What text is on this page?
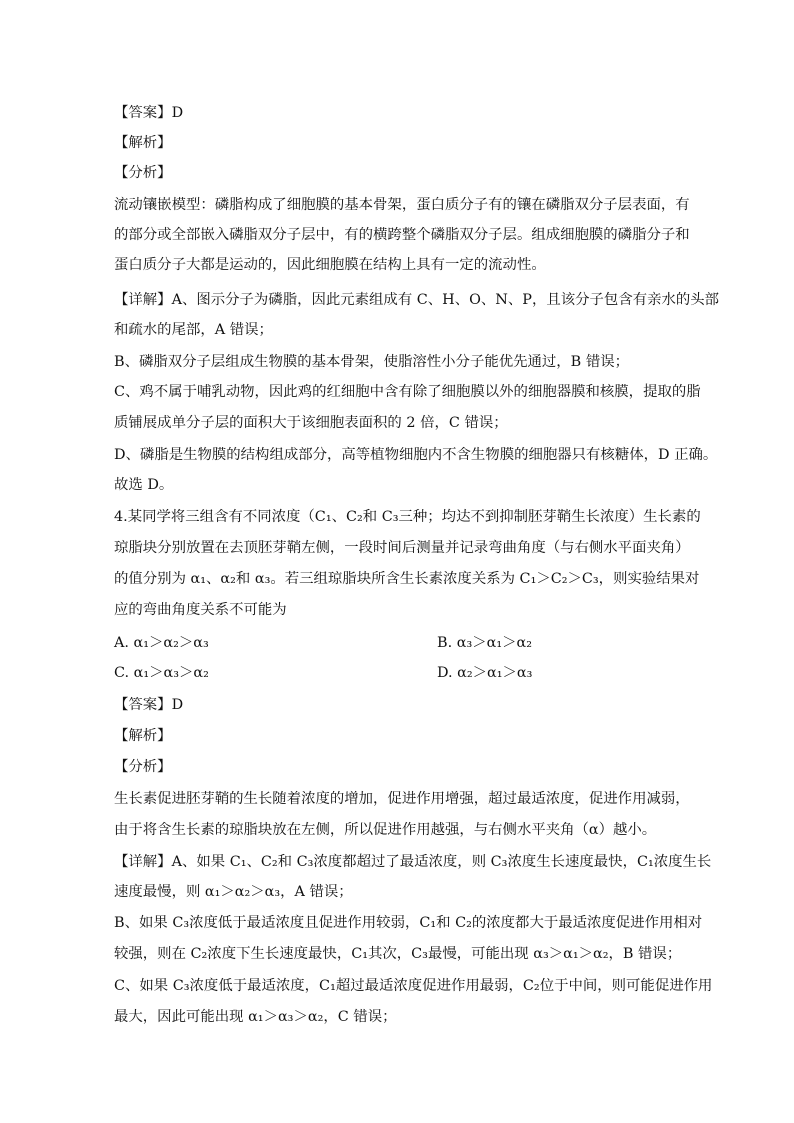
【答案】D
【解析】
【分析】
流动镶嵌模型：磷脂构成了细胞膜的基本骨架，蛋白质分子有的镶在磷脂双分子层表面，有
的部分或全部嵌入磷脂双分子层中，有的横跨整个磷脂双分子层。组成细胞膜的磷脂分子和
蛋白质分子大都是运动的，因此细胞膜在结构上具有一定的流动性。
【详解】A、图示分子为磷脂，因此元素组成有 C、H、O、N、P，且该分子包含有亲水的头部
和疏水的尾部，A 错误；
B、磷脂双分子层组成生物膜的基本骨架，使脂溶性小分子能优先通过，B 错误；
C、鸡不属于哺乳动物，因此鸡的红细胞中含有除了细胞膜以外的细胞器膜和核膜，提取的脂
质铺展成单分子层的面积大于该细胞表面积的 2 倍，C 错误；
D、磷脂是生物膜的结构组成部分，高等植物细胞内不含生物膜的细胞器只有核糖体，D 正确。
故选 D。
4.某同学将三组含有不同浓度（C₁、C₂和 C₃三种；均达不到抑制胚芽鞘生长浓度）生长素的
琼脂块分别放置在去顶胚芽鞘左侧，一段时间后测量并记录弯曲角度（与右侧水平面夹角）
的值分别为 α₁、α₂和 α₃。若三组琼脂块所含生长素浓度关系为 C₁＞C₂＞C₃，则实验结果对
应的弯曲角度关系不可能为
A. α₁＞α₂＞α₃	B. α₃＞α₁＞α₂
C. α₁＞α₃＞α₂	D. α₂＞α₁＞α₃
【答案】D
【解析】
【分析】
生长素促进胚芽鞘的生长随着浓度的增加，促进作用增强，超过最适浓度，促进作用减弱，
由于将含生长素的琼脂块放在左侧，所以促进作用越强，与右侧水平夹角（α）越小。
【详解】A、如果 C₁、C₂和 C₃浓度都超过了最适浓度，则 C₃浓度生长速度最快，C₁浓度生长
速度最慢，则 α₁＞α₂＞α₃，A 错误；
B、如果 C₃浓度低于最适浓度且促进作用较弱，C₁和 C₂的浓度都大于最适浓度促进作用相对
较强，则在 C₂浓度下生长速度最快，C₁其次，C₃最慢，可能出现 α₃＞α₁＞α₂，B 错误；
C、如果 C₃浓度低于最适浓度，C₁超过最适浓度促进作用最弱，C₂位于中间，则可能促进作用
最大，因此可能出现 α₁＞α₃＞α₂，C 错误；
